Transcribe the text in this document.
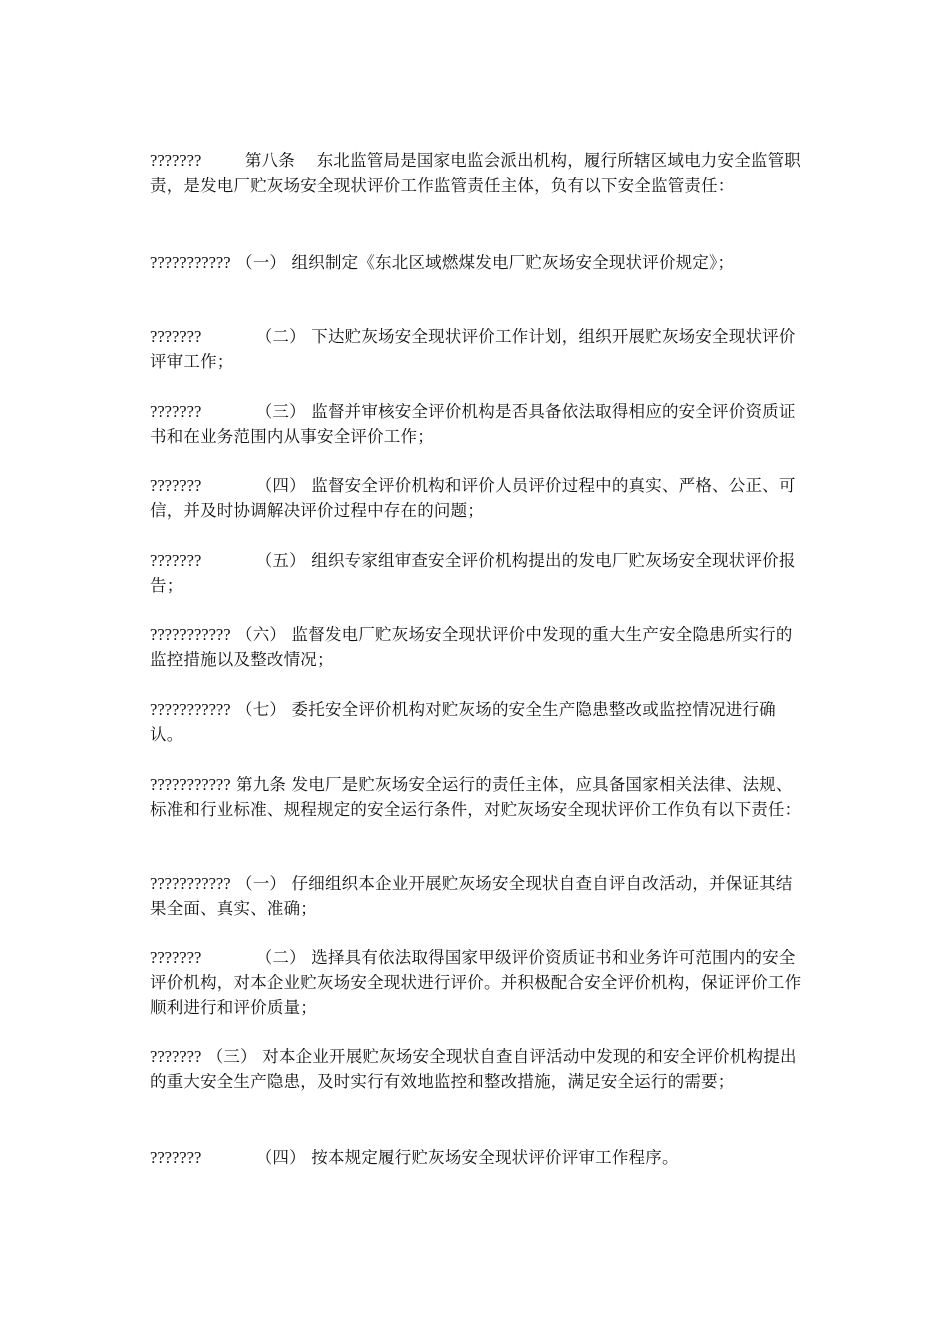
???????        第八条    东北监管局是国家电监会派出机构，履行所辖区域电力安全监管职责，是发电厂贮灰场安全现状评价工作监管责任主体，负有以下安全监管责任：

??????????? （一） 组织制定《东北区域燃煤发电厂贮灰场安全现状评价规定》；

???????          （二） 下达贮灰场安全现状评价工作计划，组织开展贮灰场安全现状评价评审工作；

???????          （三） 监督并审核安全评价机构是否具备依法取得相应的安全评价资质证书和在业务范围内从事安全评价工作；

???????          （四） 监督安全评价机构和评价人员评价过程中的真实、严格、公正、可信，并及时协调解决评价过程中存在的问题；

???????          （五） 组织专家组审查安全评价机构提出的发电厂贮灰场安全现状评价报告；

??????????? （六） 监督发电厂贮灰场安全现状评价中发现的重大生产安全隐患所实行的监控措施以及整改情况；

??????????? （七） 委托安全评价机构对贮灰场的安全生产隐患整改或监控情况进行确认。

??????????? 第九条 发电厂是贮灰场安全运行的责任主体，应具备国家相关法律、法规、标准和行业标准、规程规定的安全运行条件，对贮灰场安全现状评价工作负有以下责任：

??????????? （一） 仔细组织本企业开展贮灰场安全现状自查自评自改活动，并保证其结果全面、真实、准确；

???????          （二） 选择具有依法取得国家甲级评价资质证书和业务许可范围内的安全评价机构，对本企业贮灰场安全现状进行评价。并积极配合安全评价机构，保证评价工作顺利进行和评价质量；

??????? （三） 对本企业开展贮灰场安全现状自查自评活动中发现的和安全评价机构提出的重大安全生产隐患，及时实行有效地监控和整改措施，满足安全运行的需要；

???????          （四） 按本规定履行贮灰场安全现状评价评审工作程序。
